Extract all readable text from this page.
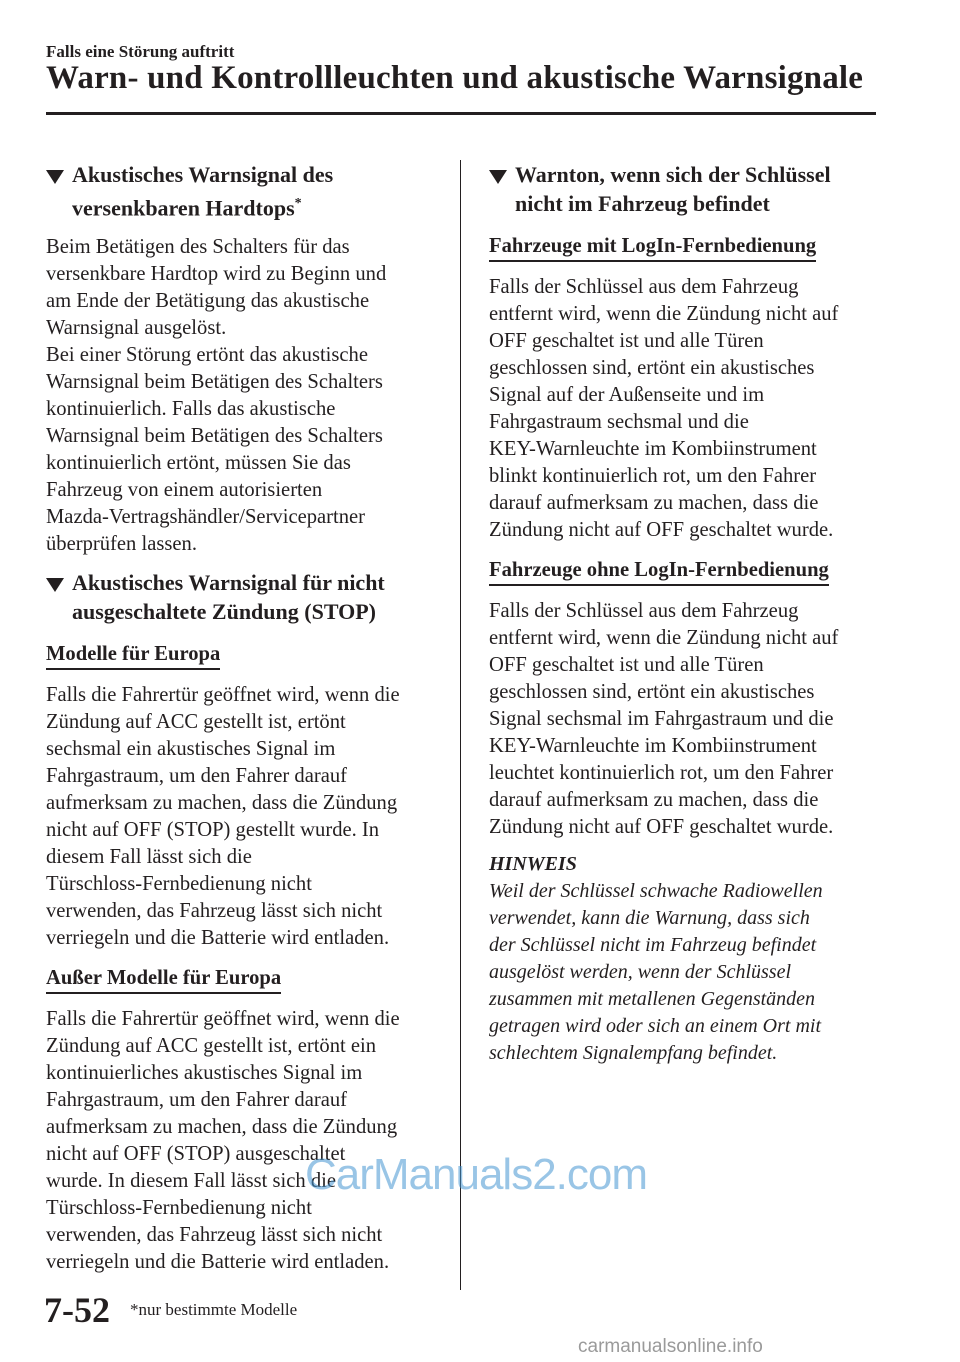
Falls eine Störung auftritt
Warn- und Kontrollleuchten und akustische Warnsignale
Akustisches Warnsignal des
versenkbaren Hardtops*
Beim Betätigen des Schalters für das
versenkbare Hardtop wird zu Beginn und
am Ende der Betätigung das akustische
Warnsignal ausgelöst.
Bei einer Störung ertönt das akustische
Warnsignal beim Betätigen des Schalters
kontinuierlich. Falls das akustische
Warnsignal beim Betätigen des Schalters
kontinuierlich ertönt, müssen Sie das
Fahrzeug von einem autorisierten
Mazda-Vertragshändler/Servicepartner
überprüfen lassen.
Akustisches Warnsignal für nicht
ausgeschaltete Zündung (STOP)
Modelle für Europa
Falls die Fahrertür geöffnet wird, wenn die
Zündung auf ACC gestellt ist, ertönt
sechsmal ein akustisches Signal im
Fahrgastraum, um den Fahrer darauf
aufmerksam zu machen, dass die Zündung
nicht auf OFF (STOP) gestellt wurde. In
diesem Fall lässt sich die
Türschloss-Fernbedienung nicht
verwenden, das Fahrzeug lässt sich nicht
verriegeln und die Batterie wird entladen.
Außer Modelle für Europa
Falls die Fahrertür geöffnet wird, wenn die
Zündung auf ACC gestellt ist, ertönt ein
kontinuierliches akustisches Signal im
Fahrgastraum, um den Fahrer darauf
aufmerksam zu machen, dass die Zündung
nicht auf OFF (STOP) ausgeschaltet
wurde. In diesem Fall lässt sich die
Türschloss-Fernbedienung nicht
verwenden, das Fahrzeug lässt sich nicht
verriegeln und die Batterie wird entladen.
Warnton, wenn sich der Schlüssel
nicht im Fahrzeug befindet
Fahrzeuge mit LogIn-Fernbedienung
Falls der Schlüssel aus dem Fahrzeug
entfernt wird, wenn die Zündung nicht auf
OFF geschaltet ist und alle Türen
geschlossen sind, ertönt ein akustisches
Signal auf der Außenseite und im
Fahrgastraum sechsmal und die
KEY-Warnleuchte im Kombiinstrument
blinkt kontinuierlich rot, um den Fahrer
darauf aufmerksam zu machen, dass die
Zündung nicht auf OFF geschaltet wurde.
Fahrzeuge ohne LogIn-Fernbedienung
Falls der Schlüssel aus dem Fahrzeug
entfernt wird, wenn die Zündung nicht auf
OFF geschaltet ist und alle Türen
geschlossen sind, ertönt ein akustisches
Signal sechsmal im Fahrgastraum und die
KEY-Warnleuchte im Kombiinstrument
leuchtet kontinuierlich rot, um den Fahrer
darauf aufmerksam zu machen, dass die
Zündung nicht auf OFF geschaltet wurde.
HINWEIS
Weil der Schlüssel schwache Radiowellen
verwendet, kann die Warnung, dass sich
der Schlüssel nicht im Fahrzeug befindet
ausgelöst werden, wenn der Schlüssel
zusammen mit metallenen Gegenständen
getragen wird oder sich an einem Ort mit
schlechtem Signalempfang befindet.
CarManuals2.com
7-52 *nur bestimmte Modelle
carmanualsonline.info
